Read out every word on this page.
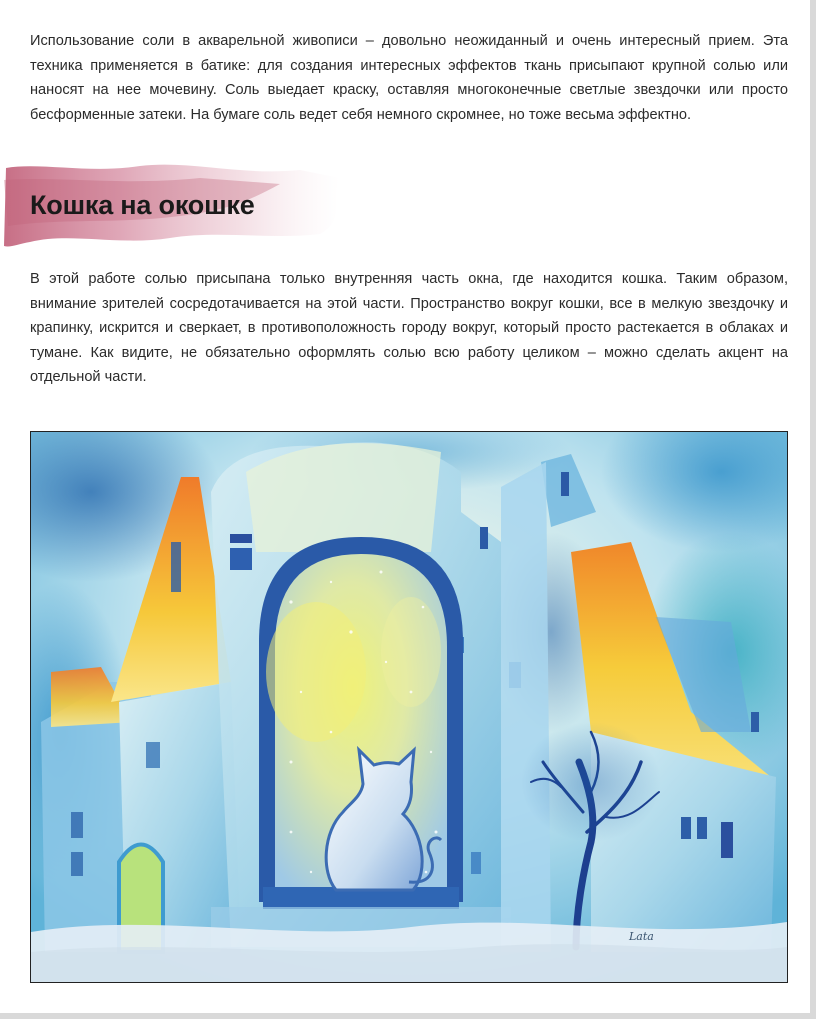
Использование соли в акварельной живописи – довольно неожиданный и очень интересный прием. Эта техника применяется в батике: для создания интересных эффектов ткань присыпают крупной солью или наносят на нее мочевину. Соль выедает краску, оставляя многоконечные светлые звездочки или просто бесформенные затеки. На бумаге соль ведет себя немного скромнее, но тоже весьма эффектно.

Кошка на окошке

В этой работе солью присыпана только внутренняя часть окна, где находится кошка. Таким образом, внимание зрителей сосредотачивается на этой части. Пространство вокруг кошки, все в мелкую звездочку и крапинку, искрится и сверкает, в противоположность городу вокруг, который просто растекается в облаках и тумане. Как видите, не обязательно оформлять солью всю работу целиком – можно сделать акцент на отдельной части.

Lata
